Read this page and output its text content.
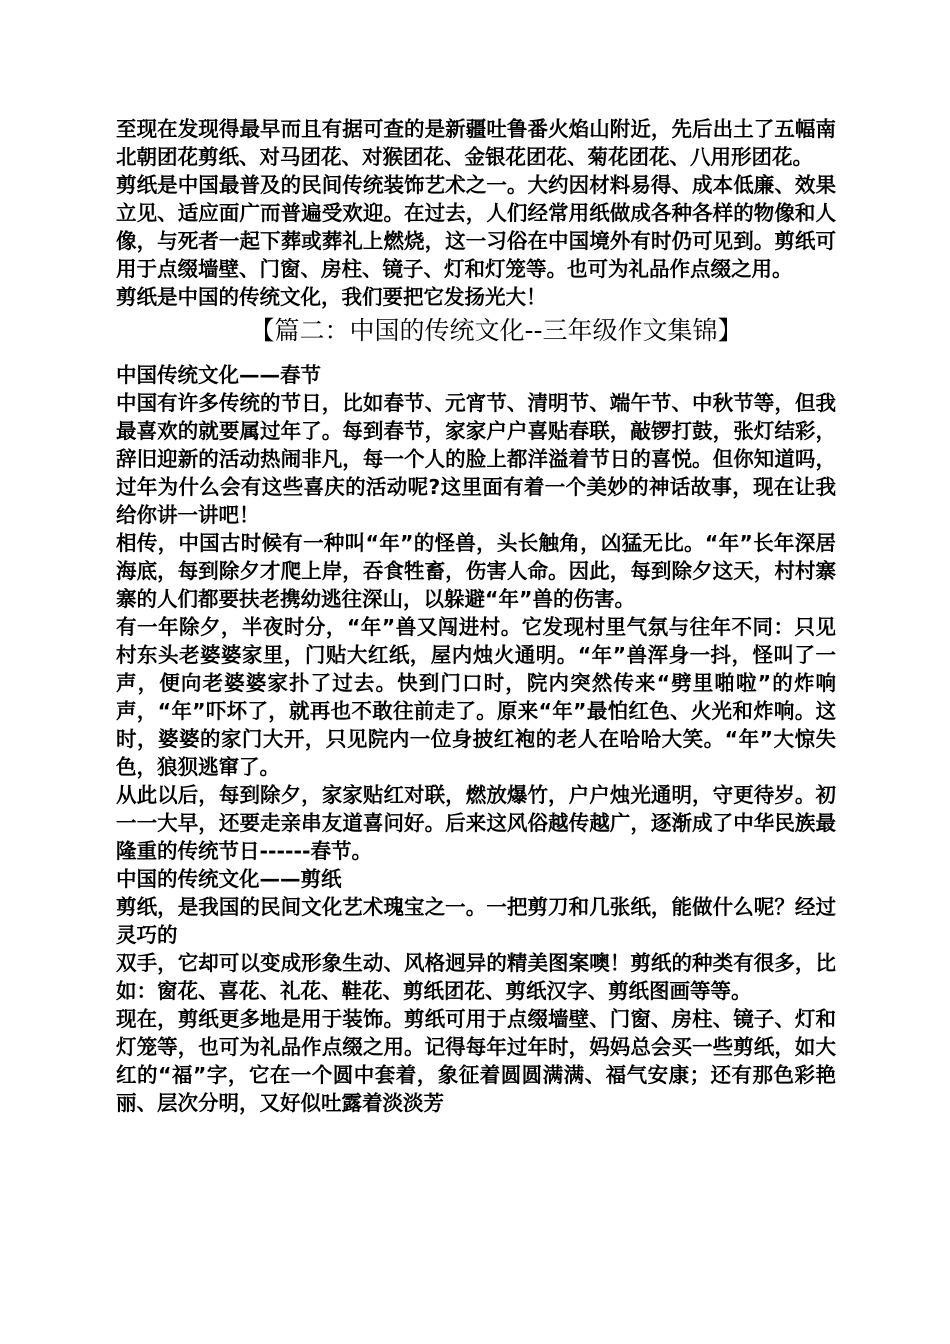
至现在发现得最早而且有据可查的是新疆吐鲁番火焰山附近，先后出土了五幅南北朝团花剪纸、对马团花、对猴团花、金银花团花、菊花团花、八用形团花。

剪纸是中国最普及的民间传统装饰艺术之一。大约因材料易得、成本低廉、效果立见、适应面广而普遍受欢迎。在过去，人们经常用纸做成各种各样的物像和人像，与死者一起下葬或葬礼上燃烧，这一习俗在中国境外有时仍可见到。剪纸可用于点缀墙壁、门窗、房柱、镜子、灯和灯笼等。也可为礼品作点缀之用。

剪纸是中国的传统文化，我们要把它发扬光大！

【篇二：中国的传统文化--三年级作文集锦】

中国传统文化——春节

中国有许多传统的节日，比如春节、元宵节、清明节、端午节、中秋节等，但我最喜欢的就要属过年了。每到春节，家家户户喜贴春联，敲锣打鼓，张灯结彩，辞旧迎新的活动热闹非凡，每一个人的脸上都洋溢着节日的喜悦。但你知道吗，过年为什么会有这些喜庆的活动呢?这里面有着一个美妙的神话故事，现在让我给你讲一讲吧！

相传，中国古时候有一种叫“年”的怪兽，头长触角，凶猛无比。“年”长年深居海底，每到除夕才爬上岸，吞食牲畜，伤害人命。因此，每到除夕这天，村村寨寨的人们都要扶老携幼逃往深山，以躲避“年”兽的伤害。

有一年除夕，半夜时分，“年”兽又闯进村。它发现村里气氛与往年不同：只见村东头老婆婆家里，门贴大红纸，屋内烛火通明。“年”兽浑身一抖，怪叫了一声，便向老婆婆家扑了过去。快到门口时，院内突然传来“劈里啪啦”的炸响声，“年”吓坏了，就再也不敢往前走了。原来“年”最怕红色、火光和炸响。这时，婆婆的家门大开，只见院内一位身披红袍的老人在哈哈大笑。“年”大惊失色，狼狈逃窜了。

从此以后，每到除夕，家家贴红对联，燃放爆竹，户户烛光通明，守更待岁。初一一大早，还要走亲串友道喜问好。后来这风俗越传越广，逐渐成了中华民族最隆重的传统节日------春节。

中国的传统文化——剪纸

剪纸，是我国的民间文化艺术瑰宝之一。一把剪刀和几张纸，能做什么呢？经过灵巧的

双手，它却可以变成形象生动、风格迥异的精美图案噢！剪纸的种类有很多，比如：窗花、喜花、礼花、鞋花、剪纸团花、剪纸汉字、剪纸图画等等。

现在，剪纸更多地是用于装饰。剪纸可用于点缀墙壁、门窗、房柱、镜子、灯和灯笼等，也可为礼品作点缀之用。记得每年过年时，妈妈总会买一些剪纸，如大红的“福”字，它在一个圆中套着，象征着圆圆满满、福气安康；还有那色彩艳丽、层次分明，又好似吐露着淡淡芳
